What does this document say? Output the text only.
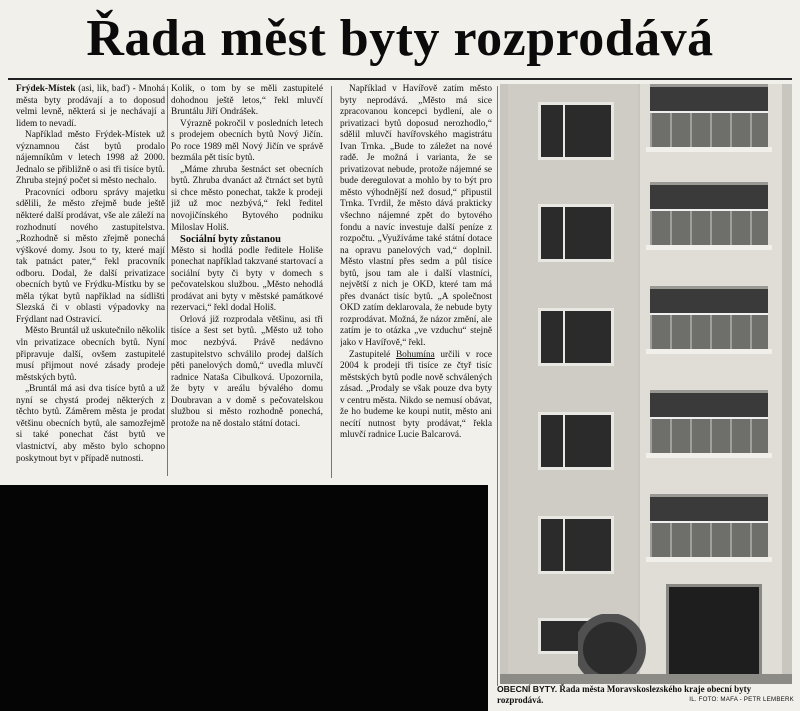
Řada měst byty rozprodává

Frýdek-Místek (asi, lik, baď) - Mnohá města byty prodávají a to doposud velmi levně, některá si je nechávají a lidem to nevadí.

Například město Frýdek-Místek už významnou část bytů prodalo nájemníkům v letech 1998 až 2000. Jednalo se přibližně o asi tři tisíce bytů. Zhruba stejný počet si město nechalo.

Pracovníci odboru správy majetku sdělili, že město zřejmě bude ještě některé další prodávat, vše ale záleží na rozhodnutí nového zastupitelstva. „Rozhodně si město zřejmě ponechá výškové domy. Jsou to ty, které mají tak patnáct pater,“ řekl pracovník odboru. Dodal, že další privatizace obecních bytů ve Frýdku-Místku by se měla týkat bytů například na sídlišti Slezská či v oblasti výpadovky na Frýdlant nad Ostravicí.

Město Bruntál už uskutečnilo několik vln privatizace obecních bytů. Nyní připravuje další, ovšem zastupitelé musí přijmout nové zásady prodeje městských bytů.

„Bruntál má asi dva tisíce bytů a už nyní se chystá prodej některých z těchto bytů. Záměrem města je prodat většinu obecních bytů, ale samozřejmě si také ponechat část bytů ve vlastnictví, aby město bylo schopno poskytnout byt v případě nutnosti.

Kolik, o tom by se měli zastupitelé dohodnou ještě letos,“ řekl mluvčí Bruntálu Jiří Ondrášek.

Výrazně pokročil v posledních letech s prodejem obecních bytů Nový Jičín. Po roce 1989 měl Nový Jičín ve správě bezmála pět tisíc bytů.

„Máme zhruba šestnáct set obecních bytů. Zhruba dvanáct až čtrnáct set bytů si chce město ponechat, takže k prodeji již už moc nezbývá,“ řekl ředitel novojičínského Bytového podniku Miloslav Holiš.

Sociální byty zůstanou

Město si hodlá podle ředitele Holiše ponechat například takzvané startovací a sociální byty či byty v domech s pečovatelskou službou. „Město nehodlá prodávat ani byty v městské památkové rezervaci,“ řekl dodal Holiš.

Orlová již rozprodala většinu, asi tři tisíce a šest set bytů. „Město už toho moc nezbývá. Právě nedávno zastupitelstvo schválilo prodej dalších pěti panelových domů,“ uvedla mluvčí radnice Nataša Cibulková. Upozornila, že byty v areálu bývalého domu Doubravan a v domě s pečovatelskou službou si město rozhodně ponechá, protože na ně dostalo státní dotaci.

Například v Havířově zatím město byty neprodává. „Město má sice zpracovanou koncepci bydlení, ale o privatizaci bytů doposud nerozhodlo,“ sdělil mluvčí havířovského magistrátu Ivan Trnka. „Bude to záležet na nové radě. Je možná i varianta, že se privatizovat nebude, protože nájemné se bude deregulovat a mohlo by to být pro město výhodnější než dosud,“ připustil Trnka. Tvrdil, že město dává prakticky všechno nájemné zpět do bytového fondu a navíc investuje další peníze z rozpočtu. „Využíváme také státní dotace na opravu panelových vad,“ doplnil. Město vlastní přes sedm a půl tisíce bytů, jsou tam ale i další vlastníci, největší z nich je OKD, které tam má přes dvanáct tisíc bytů. „A společnost OKD zatím deklarovala, že nebude byty rozprodávat. Možná, že názor změní, ale zatím je to otázka „ve vzduchu“ stejně jako v Havířově,“ řekl.

Zastupitelé Bohumína určili v roce 2004 k prodeji tři tisíce ze čtyř tisíc městských bytů podle nově schválených zásad. „Prodaly se však pouze dva byty v centru města. Nikdo se nemusí obávat, že ho budeme ke koupi nutit, město ani necítí nutnost byty prodávat,“ řekla mluvčí radnice Lucie Balcarová.

OBECNÍ BYTY. Řada města Moravskoslezského kraje obecní byty rozprodává.	IL. FOTO: MAFA - PETR LEMBERK
